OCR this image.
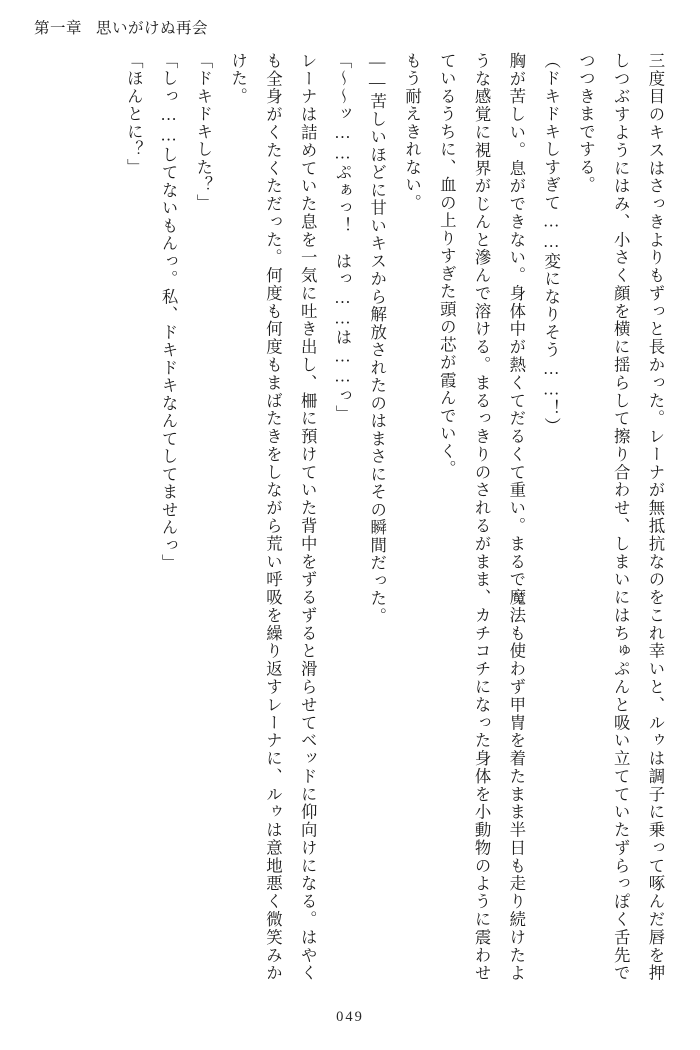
第一章 思いがけぬ再会

三度目のキスはさっきよりもずっと長かった。レーナが無抵抗なのをこれ幸いと、ルゥは調子に乗って啄んだ唇を押しつぶすようにはみ、小さく顔を横に揺らして擦り合わせ、しまいにはちゅぷんと吸い立てていたずらっぽく舌先でつつきまでする。

（ドキドキしすぎて……変になりそう……！）

胸が苦しい。息ができない。身体中が熱くてだるくて重い。まるで魔法も使わず甲冑を着たまま半日も走り続けたような感覚に視界がじんと滲んで溶ける。まるっきりのされるがまま、カチコチになった身体を小動物のように震わせているうちに、血の上りすぎた頭の芯が霞んでいく。

もう耐えきれない。

――苦しいほどに甘いキスから解放されたのはまさにその瞬間だった。

「～～ッ……ぷぁっ！　はっ……は……っ」

レーナは詰めていた息を一気に吐き出し、柵に預けていた背中をずるずると滑らせてベッドに仰向けになる。はやくも全身がくたくただった。何度も何度もまばたきをしながら荒い呼吸を繰り返すレーナに、ルゥは意地悪く微笑みかけた。

「ドキドキした？」

「しっ……してないもんっ。私、ドキドキなんてしてませんっ」

「ほんとに？」

049
